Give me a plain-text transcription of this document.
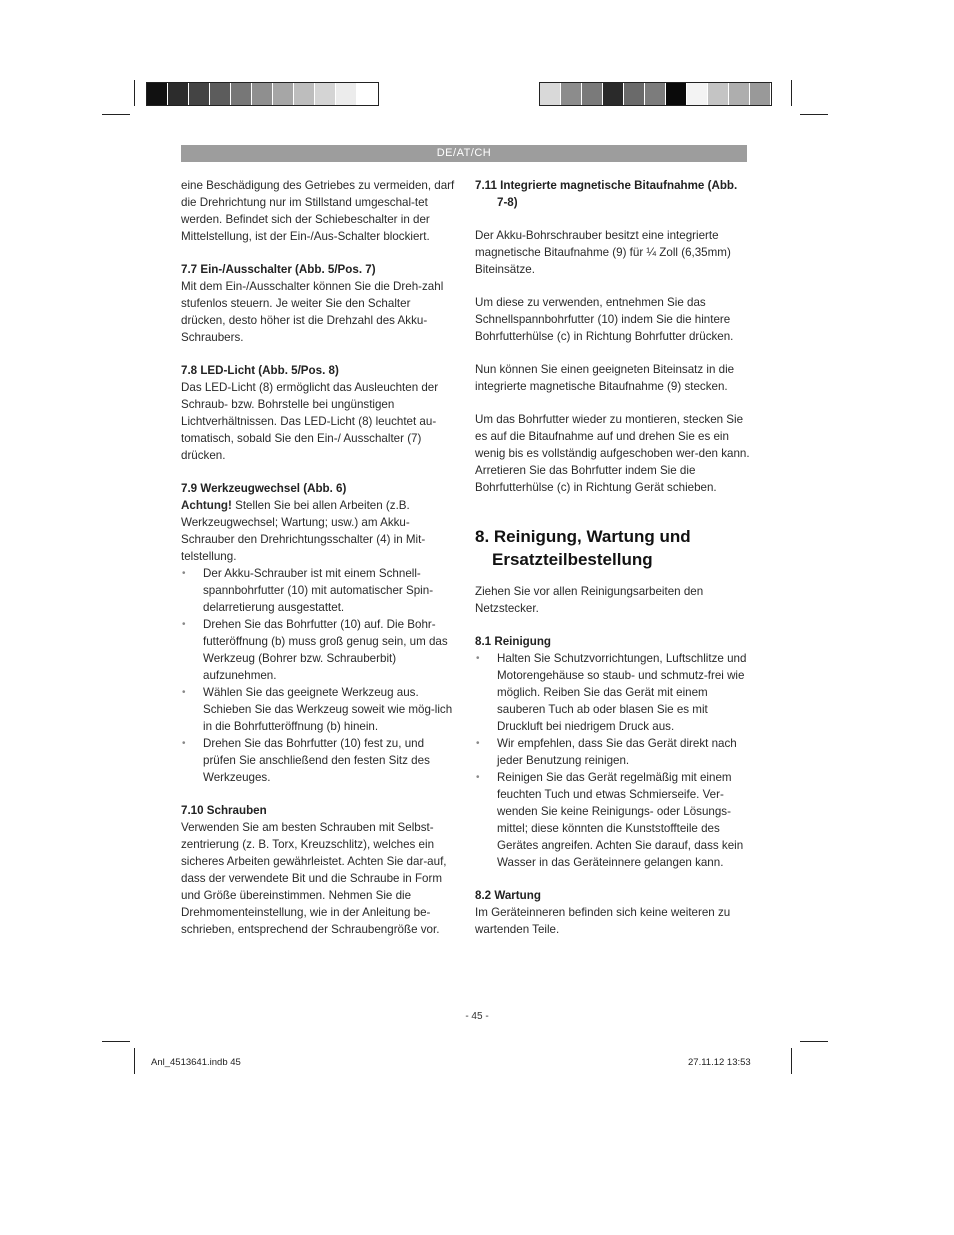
DE/AT/CH

eine Beschädigung des Getriebes zu vermeiden, darf die Drehrichtung nur im Stillstand umgeschal-tet werden. Befindet sich der Schiebeschalter in der Mittelstellung, ist der Ein-/Aus-Schalter blockiert.

7.7 Ein-/Ausschalter (Abb. 5/Pos. 7)

Mit dem Ein-/Ausschalter können Sie die Dreh-zahl stufenlos steuern. Je weiter Sie den Schalter drücken, desto höher ist die Drehzahl des Akku-Schraubers.

7.8 LED-Licht (Abb. 5/Pos. 8)

Das LED-Licht (8) ermöglicht das Ausleuchten der Schraub- bzw. Bohrstelle bei ungünstigen Lichtverhältnissen. Das LED-Licht (8) leuchtet au-tomatisch, sobald Sie den Ein-/ Ausschalter (7) drücken.

7.9 Werkzeugwechsel (Abb. 6)

Achtung! Stellen Sie bei allen Arbeiten (z.B. Werkzeugwechsel; Wartung; usw.) am Akku-Schrauber den Drehrichtungsschalter (4) in Mit-telstellung.

• Der Akku-Schrauber ist mit einem Schnell-spannbohrfutter (10) mit automatischer Spin-delarretierung ausgestattet.
• Drehen Sie das Bohrfutter (10) auf. Die Bohr-futteröffnung (b) muss groß genug sein, um das Werkzeug (Bohrer bzw. Schrauberbit) aufzunehmen.
• Wählen Sie das geeignete Werkzeug aus. Schieben Sie das Werkzeug soweit wie mög-lich in die Bohrfutteröffnung (b) hinein.
• Drehen Sie das Bohrfutter (10) fest zu, und prüfen Sie anschließend den festen Sitz des Werkzeuges.
7.10 Schrauben

Verwenden Sie am besten Schrauben mit Selbst-zentrierung (z. B. Torx, Kreuzschlitz), welches ein sicheres Arbeiten gewährleistet. Achten Sie dar-auf, dass der verwendete Bit und die Schraube in Form und Größe übereinstimmen. Nehmen Sie die Drehmomenteinstellung, wie in der Anleitung be-schrieben, entsprechend der Schraubengröße vor.

7.11 Integrierte magnetische Bitaufnahme (Abb. 7-8)

Der Akku-Bohrschrauber besitzt eine integrierte magnetische Bitaufnahme (9) für ¼ Zoll (6,35mm) Biteinsätze.

Um diese zu verwenden, entnehmen Sie das Schnellspannbohrfutter (10) indem Sie die hintere Bohrfutterhülse (c) in Richtung Bohrfutter drücken.

Nun können Sie einen geeigneten Biteinsatz in die integrierte magnetische Bitaufnahme (9) stecken.

Um das Bohrfutter wieder zu montieren, stecken Sie es auf die Bitaufnahme auf und drehen Sie es ein wenig bis es vollständig aufgeschoben wer-den kann. Arretieren Sie das Bohrfutter indem Sie die Bohrfutterhülse (c) in Richtung Gerät schieben.

8. Reinigung, Wartung und Ersatzteilbestellung

Ziehen Sie vor allen Reinigungsarbeiten den Netzstecker.

8.1 Reinigung
• Halten Sie Schutzvorrichtungen, Luftschlitze und Motorengehäuse so staub- und schmutz-frei wie möglich. Reiben Sie das Gerät mit einem sauberen Tuch ab oder blasen Sie es mit Druckluft bei niedrigem Druck aus.
• Wir empfehlen, dass Sie das Gerät direkt nach jeder Benutzung reinigen.
• Reinigen Sie das Gerät regelmäßig mit einem feuchten Tuch und etwas Schmierseife. Ver-wenden Sie keine Reinigungs- oder Lösungs-mittel; diese könnten die Kunststoffteile des Gerätes angreifen. Achten Sie darauf, dass kein Wasser in das Geräteinnere gelangen kann.
8.2 Wartung

Im Geräteinneren befinden sich keine weiteren zu wartenden Teile.

- 45 -
Anl_4513641.indb 45	27.11.12 13:53
